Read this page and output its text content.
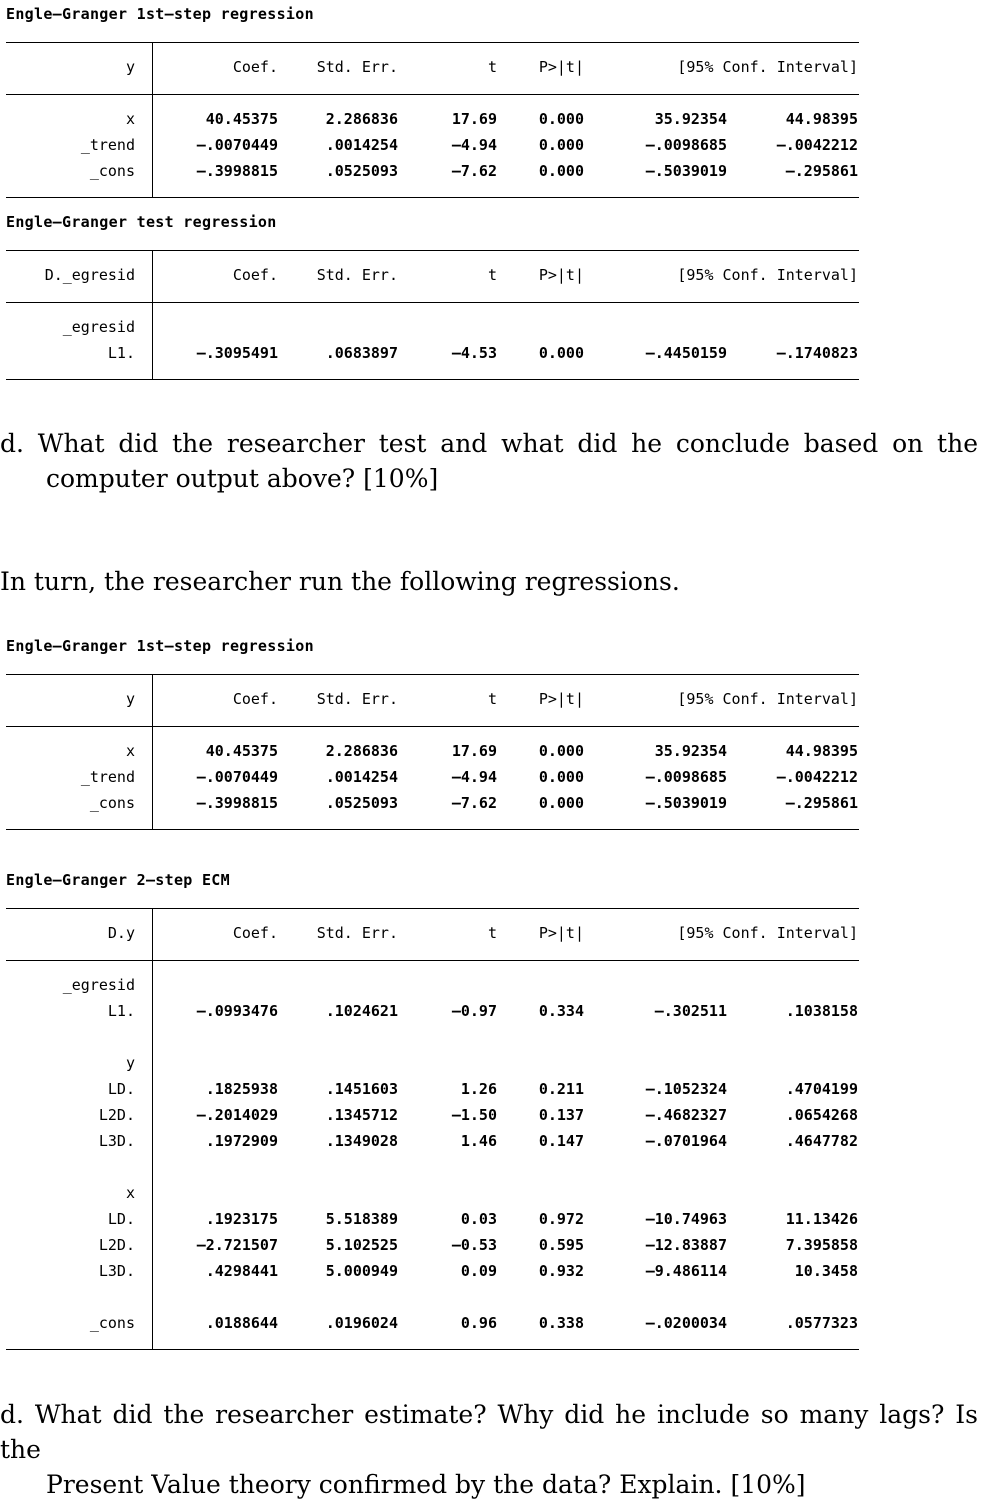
Engle–Granger 1st–step regression
y	Coef.	Std. Err.	t	P>|t|	[95% Conf. Interval]
x	40.45375	2.286836	17.69	0.000	35.92354	44.98395
_trend	–.0070449	.0014254	–4.94	0.000	–.0098685	–.0042212
_cons	–.3998815	.0525093	–7.62	0.000	–.5039019	–.295861
Engle–Granger test regression
D._egresid	Coef.	Std. Err.	t	P>|t|	[95% Conf. Interval]
_egresid
L1.	–.3095491	.0683897	–4.53	0.000	–.4450159	–.1740823
d. What did the researcher test and what did he conclude based on the
computer output above? [10%]
In turn, the researcher run the following regressions.
Engle–Granger 1st–step regression
y	Coef.	Std. Err.	t	P>|t|	[95% Conf. Interval]
x	40.45375	2.286836	17.69	0.000	35.92354	44.98395
_trend	–.0070449	.0014254	–4.94	0.000	–.0098685	–.0042212
_cons	–.3998815	.0525093	–7.62	0.000	–.5039019	–.295861
Engle–Granger 2–step ECM
D.y	Coef.	Std. Err.	t	P>|t|	[95% Conf. Interval]
_egresid
L1.	–.0993476	.1024621	–0.97	0.334	–.302511	.1038158
y
LD.	.1825938	.1451603	1.26	0.211	–.1052324	.4704199
L2D.	–.2014029	.1345712	–1.50	0.137	–.4682327	.0654268
L3D.	.1972909	.1349028	1.46	0.147	–.0701964	.4647782
x
LD.	.1923175	5.518389	0.03	0.972	–10.74963	11.13426
L2D.	–2.721507	5.102525	–0.53	0.595	–12.83887	7.395858
L3D.	.4298441	5.000949	0.09	0.932	–9.486114	10.3458
_cons	.0188644	.0196024	0.96	0.338	–.0200034	.0577323
d. What did the researcher estimate? Why did he include so many lags? Is the
Present Value theory confirmed by the data? Explain. [10%]
